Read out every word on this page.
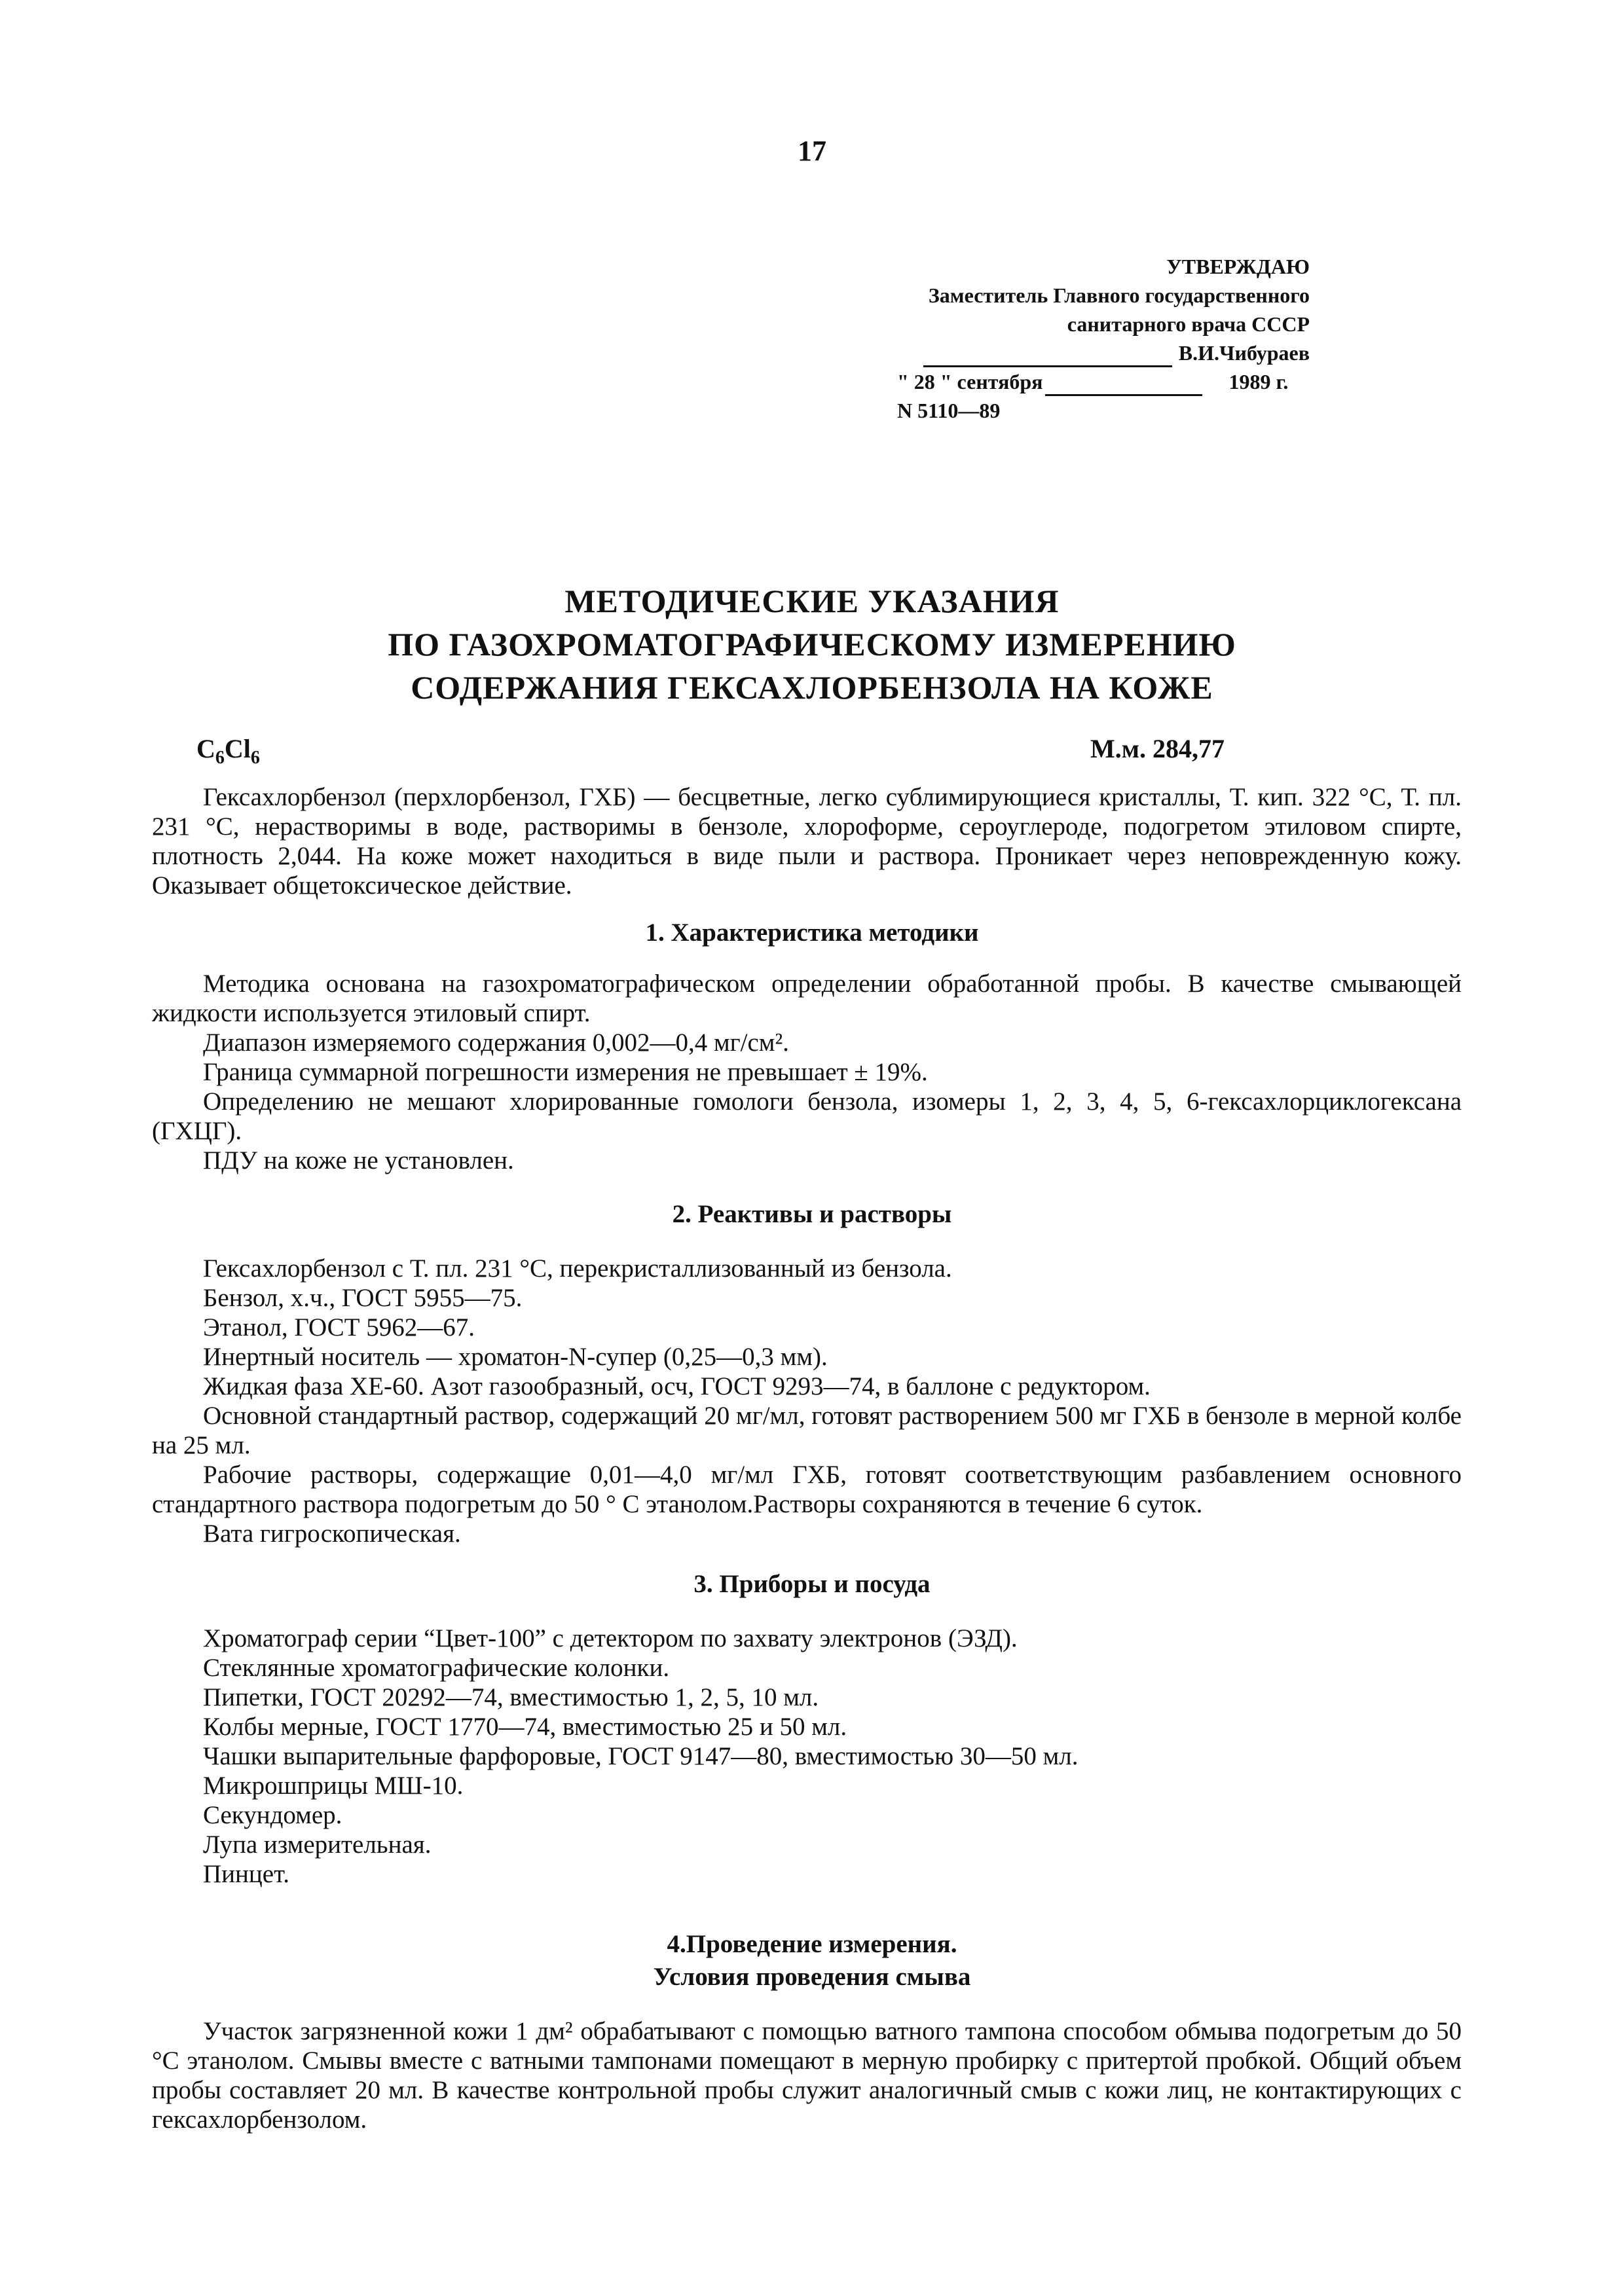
17
УТВЕРЖДАЮ
Заместитель Главного государственного
санитарного врача СССР
В.И.Чибураев
" 28 " сентября	1989 г.
N 5110—89
МЕТОДИЧЕСКИЕ УКАЗАНИЯ
ПО ГАЗОХРОМАТОГРАФИЧЕСКОМУ ИЗМЕРЕНИЮ
СОДЕРЖАНИЯ ГЕКСАХЛОРБЕНЗОЛА НА КОЖЕ
$C_6Cl_6$	М.м. 284,77

Гексахлорбензол (перхлорбензол, ГХБ) — бесцветные, легко сублимирующиеся кристаллы, Т. кип. 322 °С, Т. пл. 231 °С, нерастворимы в воде, растворимы в бензоле, хлороформе, сероуглероде, подогретом этиловом спирте, плотность 2,044. На коже может находиться в виде пыли и раствора. Проникает через неповрежденную кожу. Оказывает общетоксическое действие.

1. Характеристика методики

Методика основана на газохроматографическом определении обработанной пробы. В качестве смывающей жидкости используется этиловый спирт.

Диапазон измеряемого содержания 0,002—0,4 мг/см².

Граница суммарной погрешности измерения не превышает ± 19%.

Определению не мешают хлорированные гомологи бензола, изомеры 1, 2, 3, 4, 5, 6-гексахлорциклогексана (ГХЦГ).

ПДУ на коже не установлен.

2. Реактивы и растворы

Гексахлорбензол с Т. пл. 231 °С, перекристаллизованный из бензола.

Бензол, х.ч., ГОСТ 5955—75.

Этанол, ГОСТ 5962—67.

Инертный носитель — хроматон-N-супер (0,25—0,3 мм).

Жидкая фаза ХЕ-60. Азот газообразный, осч, ГОСТ 9293—74, в баллоне с редуктором.

Основной стандартный раствор, содержащий 20 мг/мл, готовят растворением 500 мг ГХБ в бензоле в мерной колбе на 25 мл.

Рабочие растворы, содержащие 0,01—4,0 мг/мл ГХБ, готовят соответствующим разбавлением основного стандартного раствора подогретым до 50 ° С этанолом.Растворы сохраняются в течение 6 суток.

Вата гигроскопическая.

3. Приборы и посуда

Хроматограф серии “Цвет-100” с детектором по захвату электронов (ЭЗД).

Стеклянные хроматографические колонки.

Пипетки, ГОСТ 20292—74, вместимостью 1, 2, 5, 10 мл.

Колбы мерные, ГОСТ 1770—74, вместимостью 25 и 50 мл.

Чашки выпарительные фарфоровые, ГОСТ 9147—80, вместимостью 30—50 мл.

Микрошприцы МШ-10.

Секундомер.

Лупа измерительная.

Пинцет.

4.Проведение измерения.
Условия проведения смыва

Участок загрязненной кожи 1 дм² обрабатывают с помощью ватного тампона способом обмыва подогретым до 50 °С этанолом. Смывы вместе с ватными тампонами помещают в мерную пробирку с притертой пробкой. Общий объем пробы составляет 20 мл. В качестве контрольной пробы служит аналогичный смыв с кожи лиц, не контактирующих с гексахлорбензолом.
